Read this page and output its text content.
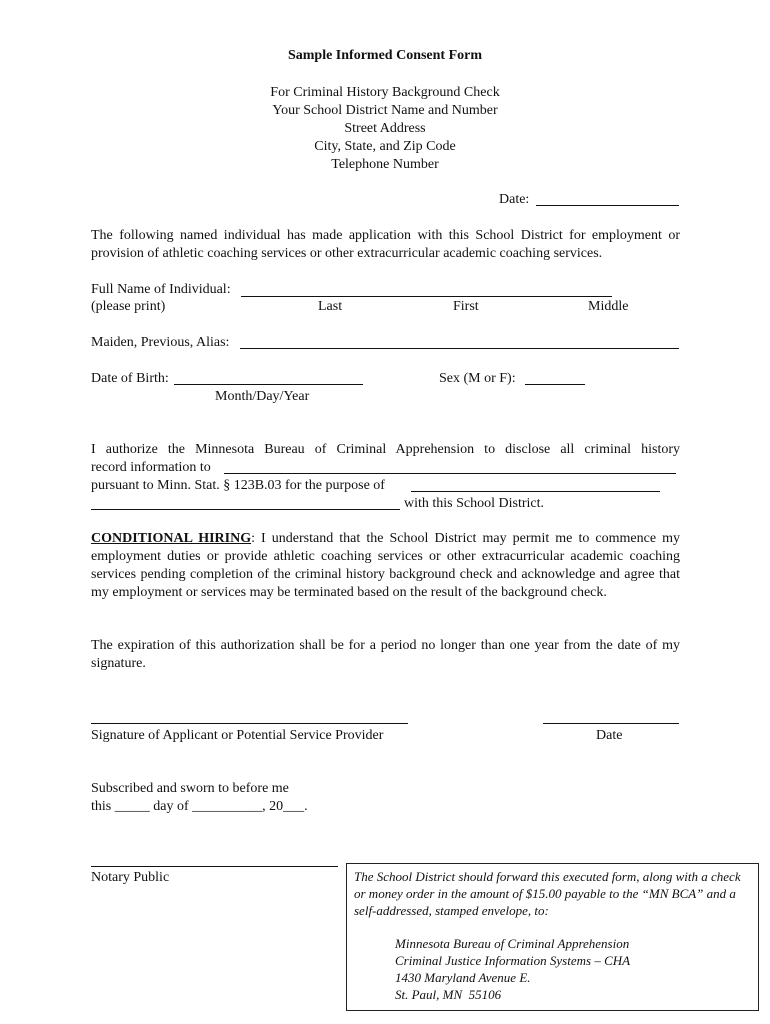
Sample Informed Consent Form
For Criminal History Background Check
Your School District Name and Number
Street Address
City, State, and Zip Code
Telephone Number
Date:
The following named individual has made application with this School District for employment or provision of athletic coaching services or other extracurricular academic coaching services.
Full Name of Individual:
(please print)	Last	First	Middle
Maiden, Previous, Alias:
Date of Birth:
Month/Day/Year
Sex (M or F):
I authorize the Minnesota Bureau of Criminal Apprehension to disclose all criminal history
record information to
pursuant to Minn. Stat. § 123B.03 for the purpose of
with this School District.
CONDITIONAL HIRING: I understand that the School District may permit me to commence my employment duties or provide athletic coaching services or other extracurricular academic coaching services pending completion of the criminal history background check and acknowledge and agree that my employment or services may be terminated based on the result of the background check.
The expiration of this authorization shall be for a period no longer than one year from the date of my signature.
Signature of Applicant or Potential Service Provider	Date
Subscribed and sworn to before me
this _____ day of __________, 20___.
Notary Public	The School District should forward this executed form, along with a check or money order in the amount of $15.00 payable to the “MN BCA” and a self-addressed, stamped envelope, to:
Minnesota Bureau of Criminal Apprehension
Criminal Justice Information Systems – CHA
1430 Maryland Avenue E.
St. Paul, MN  55106
